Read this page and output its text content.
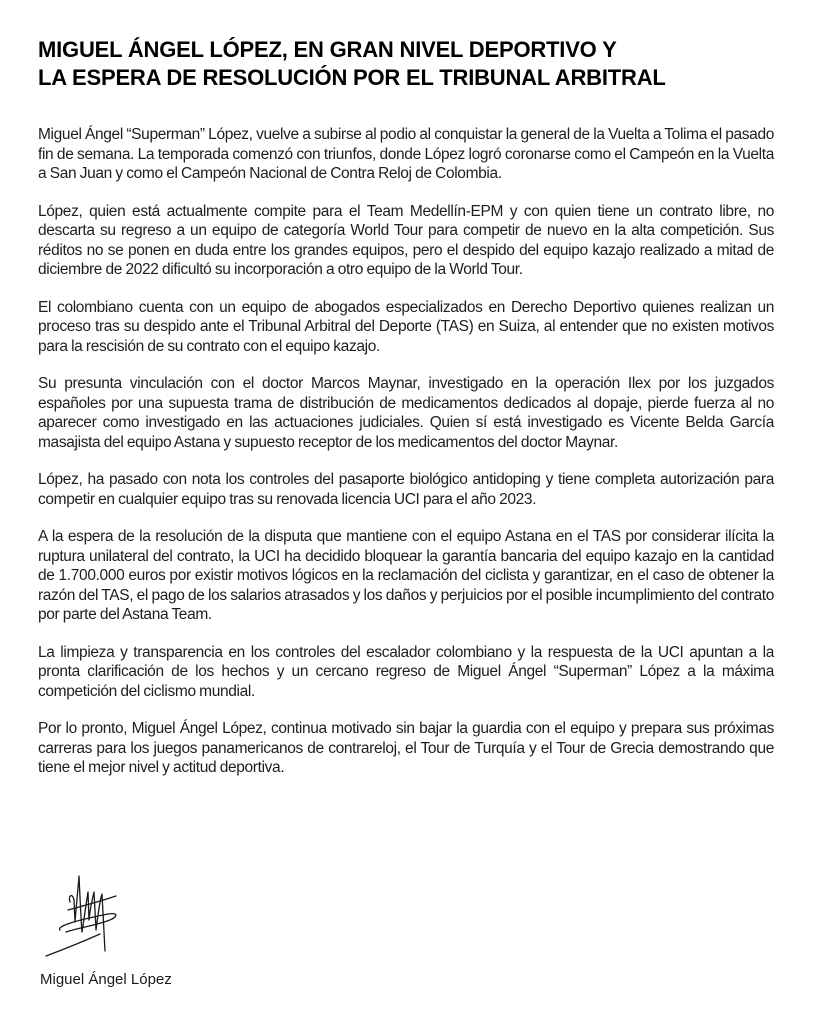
MIGUEL ÁNGEL LÓPEZ, EN GRAN NIVEL DEPORTIVO Y
LA ESPERA DE RESOLUCIÓN POR EL TRIBUNAL ARBITRAL

Miguel Ángel “Superman” López, vuelve a subirse al podio al conquistar la general de la Vuelta a Tolima el pasado fin de semana. La temporada comenzó con triunfos, donde López logró coronarse como el Campeón en la Vuelta a San Juan y como el Campeón Nacional de Contra Reloj de Colombia.

López, quien está actualmente compite para el Team Medellín-EPM y con quien tiene un contrato libre, no descarta su regreso a un equipo de categoría World Tour para competir de nuevo en la alta competición. Sus réditos no se ponen en duda entre los grandes equipos, pero el despido del equipo kazajo realizado a mitad de diciembre de 2022 dificultó su incorporación a otro equipo de la World Tour.

El colombiano cuenta con un equipo de abogados especializados en Derecho Deportivo quienes realizan un proceso tras su despido ante el Tribunal Arbitral del Deporte (TAS) en Suiza, al entender que no existen motivos para la rescisión de su contrato con el equipo kazajo.

Su presunta vinculación con el doctor Marcos Maynar, investigado en la operación Ilex por los juzgados españoles por una supuesta trama de distribución de medicamentos dedicados al dopaje, pierde fuerza al no aparecer como investigado en las actuaciones judiciales. Quien sí está investigado es Vicente Belda García masajista del equipo Astana y supuesto receptor de los medicamentos del doctor Maynar.

López, ha pasado con nota los controles del pasaporte biológico antidoping y tiene completa autorización para competir en cualquier equipo tras su renovada licencia UCI para el año 2023.

A la espera de la resolución de la disputa que mantiene con el equipo Astana en el TAS por considerar ilícita la ruptura unilateral del contrato, la UCI ha decidido bloquear la garantía bancaria del equipo kazajo en la cantidad de 1.700.000 euros por existir motivos lógicos en la reclamación del ciclista y garantizar, en el caso de obtener la razón del TAS, el pago de los salarios atrasados y los daños y perjuicios por el posible incumplimiento del contrato por parte del Astana Team.

La limpieza y transparencia en los controles del escalador colombiano y la respuesta de la UCI apuntan a la pronta clarificación de los hechos y un cercano regreso de Miguel Ángel “Superman” López a la máxima competición del ciclismo mundial.

Por lo pronto, Miguel Ángel López, continua motivado sin bajar la guardia con el equipo y prepara sus próximas carreras para los juegos panamericanos de contrareloj, el Tour de Turquía y el Tour de Grecia demostrando que tiene el mejor nivel y actitud deportiva.

Miguel Ángel López
